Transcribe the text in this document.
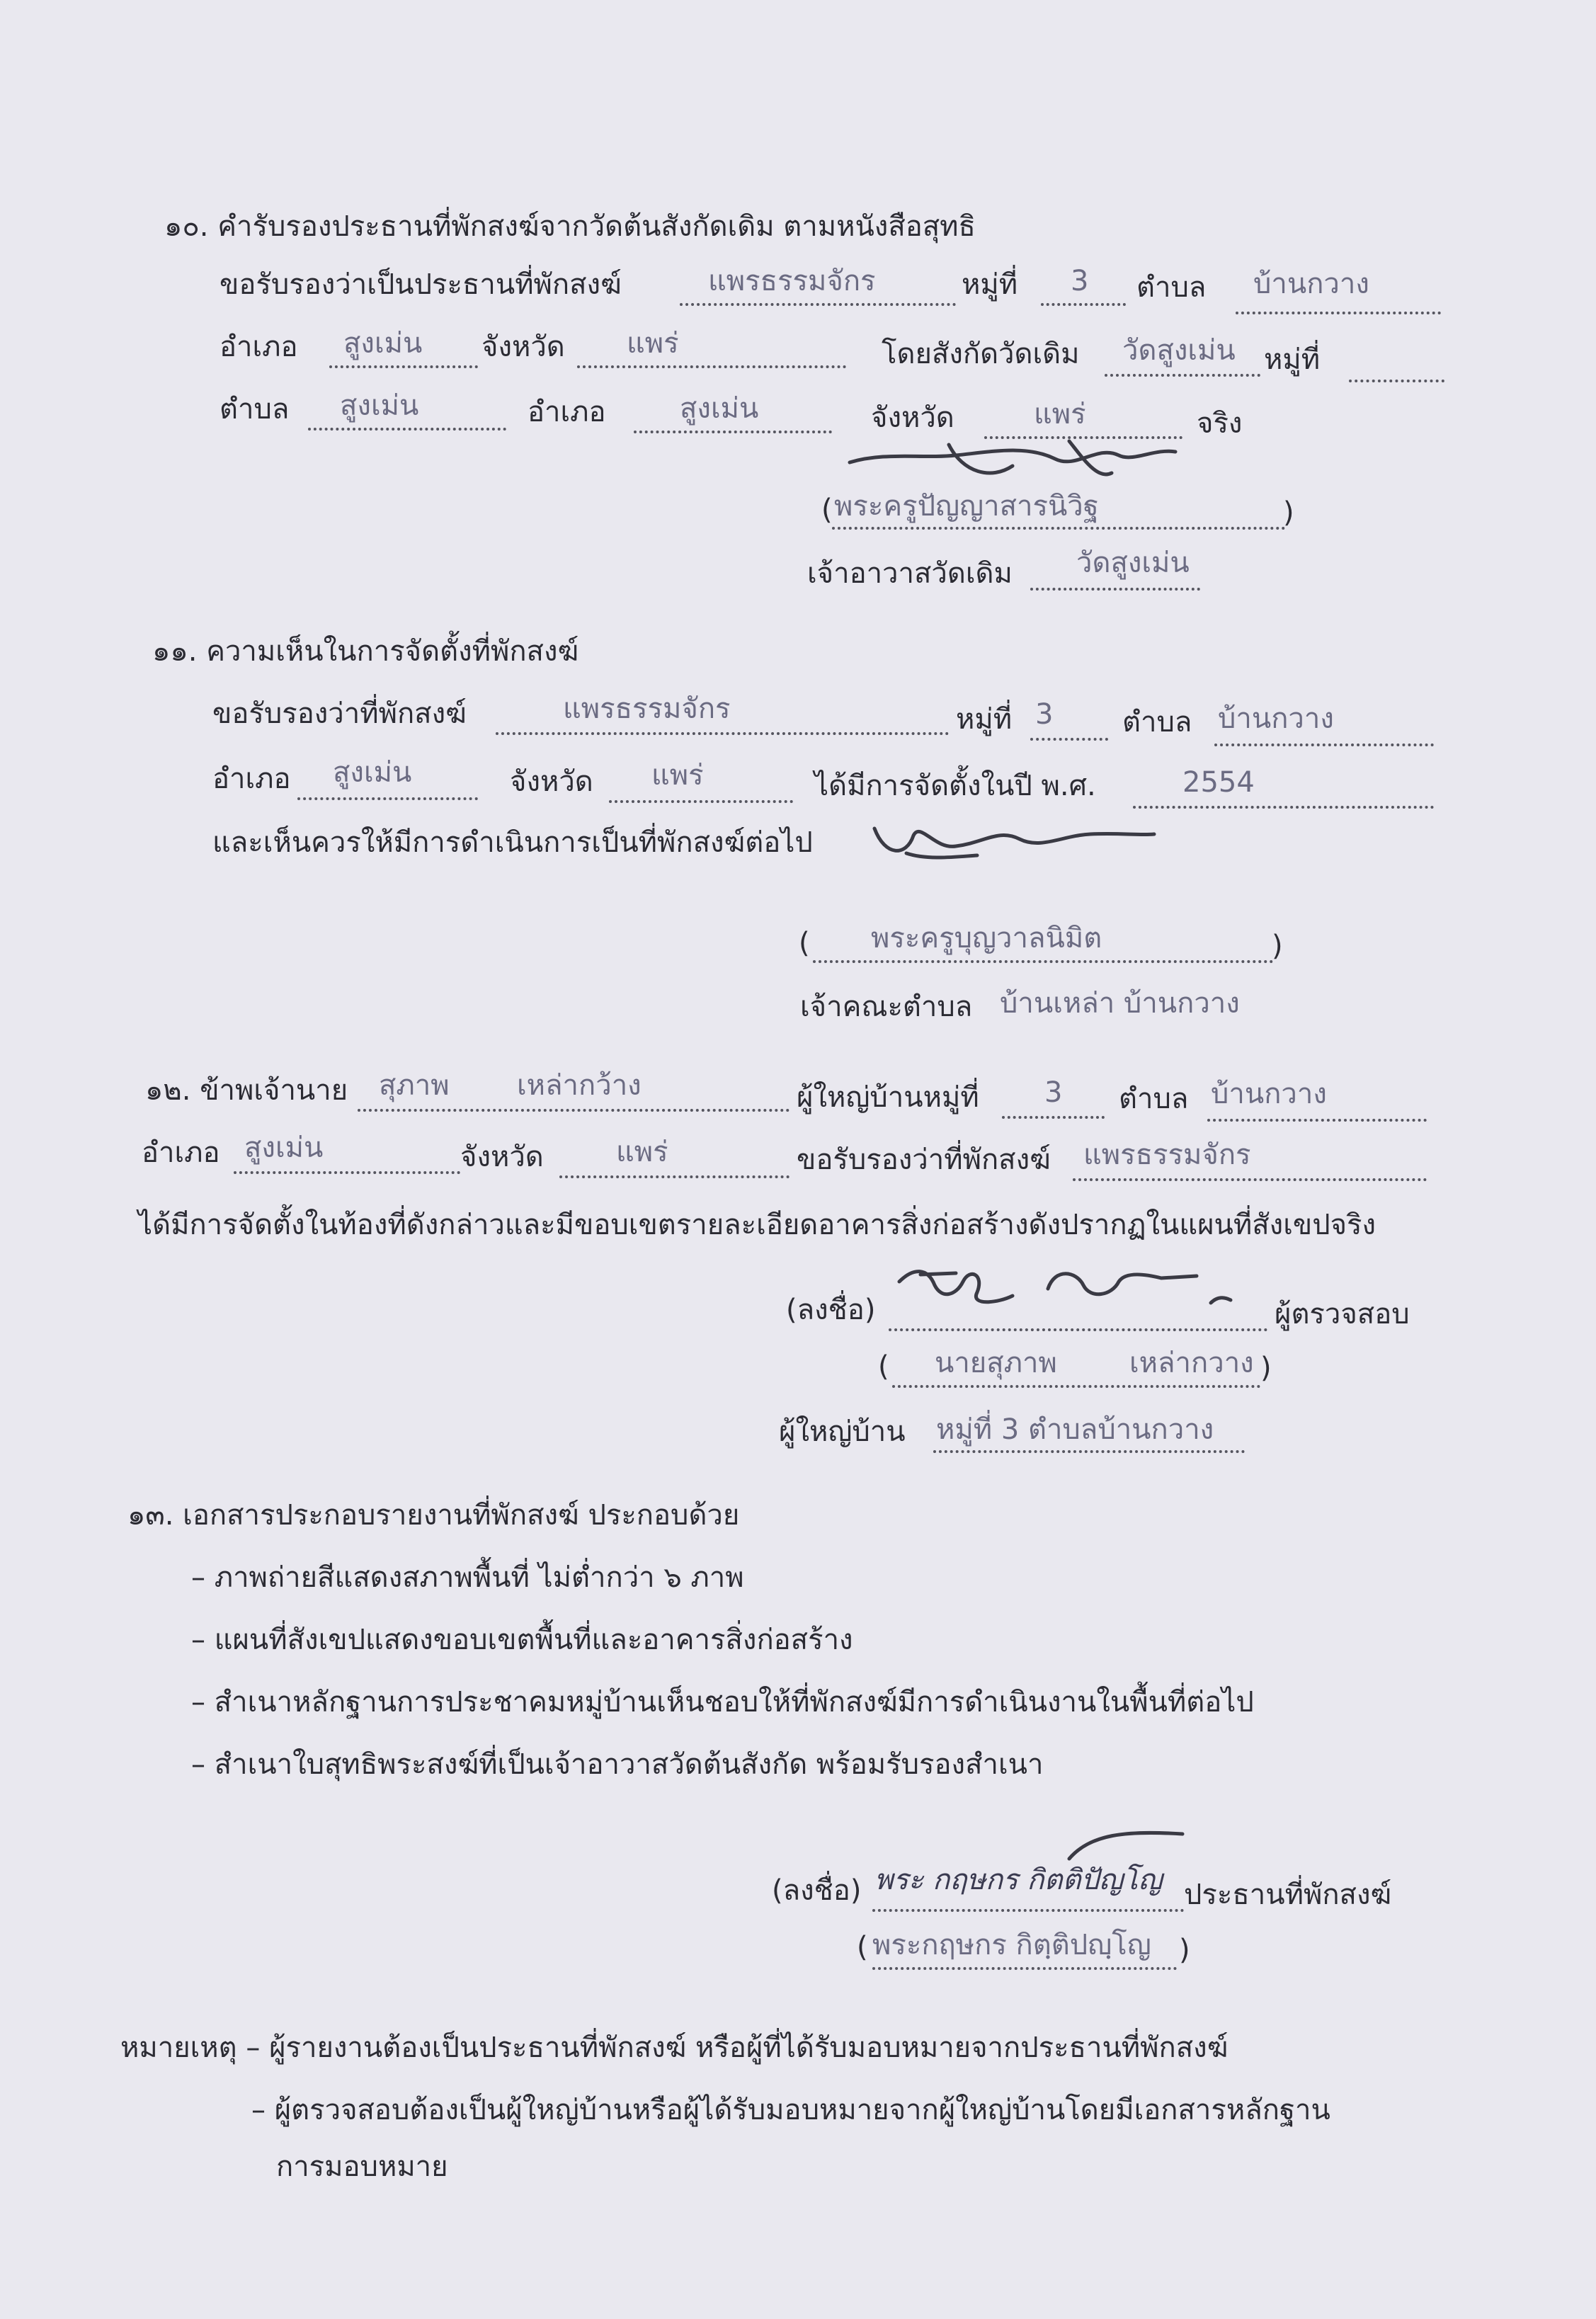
๑๐. คำรับรองประธานที่พักสงฆ์จากวัดต้นสังกัดเดิม ตามหนังสือสุทธิ
ขอรับรองว่าเป็นประธานที่พักสงฆ์	แพรธรรมจักร	หมู่ที่ 3 ตำบล บ้านกวาง
อำเภอ สูงเม่น จังหวัด แพร่	โดยสังกัดวัดเดิม วัดสูงเม่น หมู่ที่
ตำบล สูงเม่น	อำเภอ	สูงเม่น	จังหวัด	แพร่	จริง
( พระครูปัญญาสารนิวิฐ	)
เจ้าอาวาสวัดเดิม วัดสูงเม่น
๑๑. ความเห็นในการจัดตั้งที่พักสงฆ์
ขอรับรองว่าที่พักสงฆ์	แพรธรรมจักร	หมู่ที่ 3 ตำบล บ้านกวาง
อำเภอ สูงเม่น	จังหวัด แพร่	ได้มีการจัดตั้งในปี พ.ศ.	2554
และเห็นควรให้มีการดำเนินการเป็นที่พักสงฆ์ต่อไป
( พระครูบุญวาลนิมิต	)
เจ้าคณะตำบล บ้านเหล่า บ้านกวาง
๑๒. ข้าพเจ้านาย สุภาพ เหล่ากว้าง	ผู้ใหญ่บ้านหมู่ที่ 3 ตำบล บ้านกวาง
อำเภอ สูงเม่น	จังหวัด	แพร่	ขอรับรองว่าที่พักสงฆ์ แพรธรรมจักร
ได้มีการจัดตั้งในท้องที่ดังกล่าวและมีขอบเขตรายละเอียดอาคารสิ่งก่อสร้างดังปรากฏในแผนที่สังเขปจริง
(ลงชื่อ)	ผู้ตรวจสอบ
( นายสุภาพ	เหล่ากวาง )
ผู้ใหญ่บ้าน หมู่ที่ 3 ตำบลบ้านกวาง
๑๓. เอกสารประกอบรายงานที่พักสงฆ์ ประกอบด้วย
– ภาพถ่ายสีแสดงสภาพพื้นที่ ไม่ต่ำกว่า ๖ ภาพ
– แผนที่สังเขปแสดงขอบเขตพื้นที่และอาคารสิ่งก่อสร้าง
– สำเนาหลักฐานการประชาคมหมู่บ้านเห็นชอบให้ที่พักสงฆ์มีการดำเนินงานในพื้นที่ต่อไป
– สำเนาใบสุทธิพระสงฆ์ที่เป็นเจ้าอาวาสวัดต้นสังกัด พร้อมรับรองสำเนา
(ลงชื่อ) พระ กฤษกร กิตติปัญโญ ประธานที่พักสงฆ์
( พระกฤษกร กิตฺติปญฺโญ )
หมายเหตุ – ผู้รายงานต้องเป็นประธานที่พักสงฆ์ หรือผู้ที่ได้รับมอบหมายจากประธานที่พักสงฆ์
– ผู้ตรวจสอบต้องเป็นผู้ใหญ่บ้านหรือผู้ได้รับมอบหมายจากผู้ใหญ่บ้านโดยมีเอกสารหลักฐาน
การมอบหมาย
